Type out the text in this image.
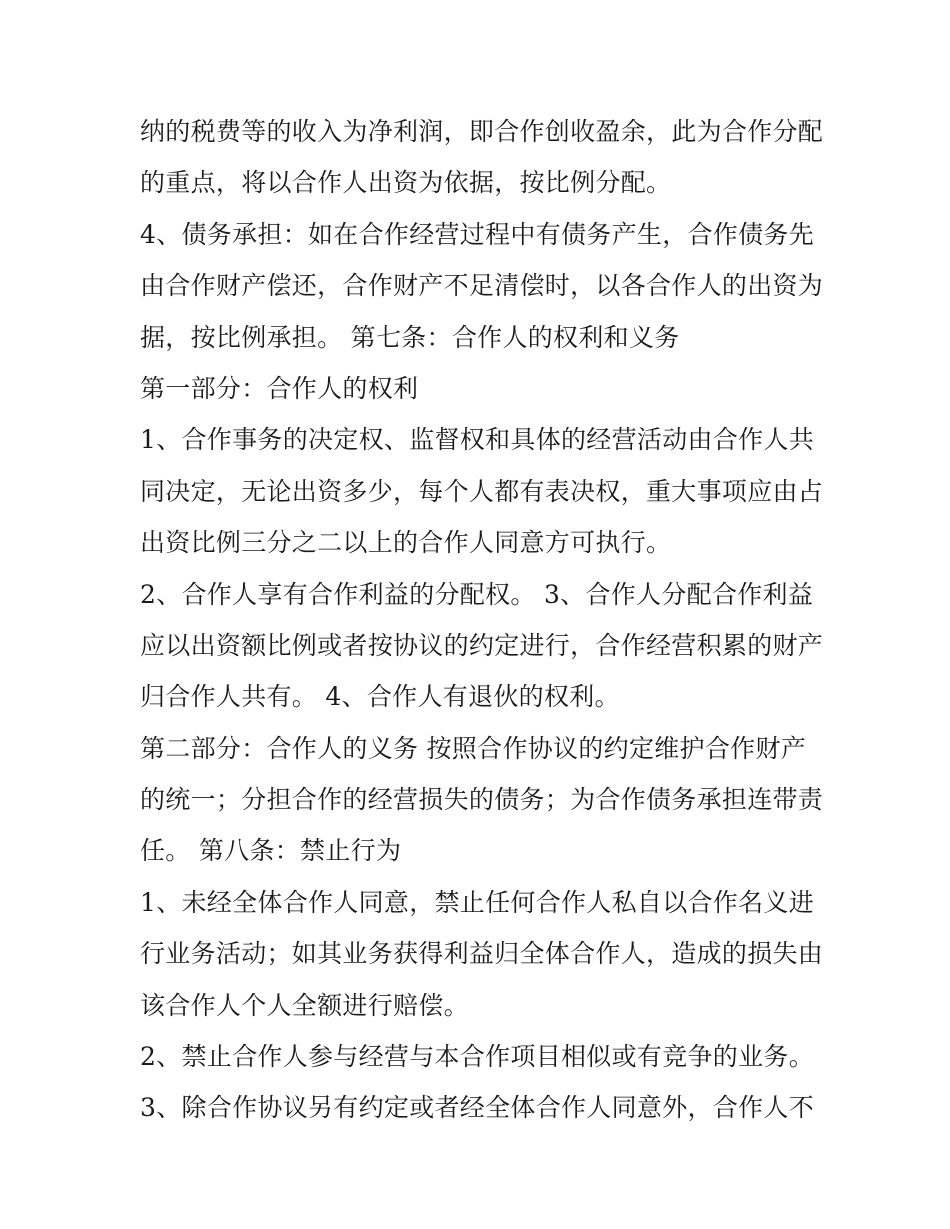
纳的税费等的收入为净利润，即合作创收盈余，此为合作分配
的重点，将以合作人出资为依据，按比例分配。
4、债务承担：如在合作经营过程中有债务产生，合作债务先
由合作财产偿还，合作财产不足清偿时，以各合作人的出资为
据，按比例承担。 第七条：合作人的权利和义务
第一部分：合作人的权利
1、合作事务的决定权、监督权和具体的经营活动由合作人共
同决定，无论出资多少，每个人都有表决权，重大事项应由占
出资比例三分之二以上的合作人同意方可执行。
2、合作人享有合作利益的分配权。 3、合作人分配合作利益
应以出资额比例或者按协议的约定进行，合作经营积累的财产
归合作人共有。 4、合作人有退伙的权利。
第二部分：合作人的义务 按照合作协议的约定维护合作财产
的统一；分担合作的经营损失的债务；为合作债务承担连带责
任。 第八条：禁止行为
1、未经全体合作人同意，禁止任何合作人私自以合作名义进
行业务活动；如其业务获得利益归全体合作人，造成的损失由
该合作人个人全额进行赔偿。
2、禁止合作人参与经营与本合作项目相似或有竞争的业务。
3、除合作协议另有约定或者经全体合作人同意外，合作人不
